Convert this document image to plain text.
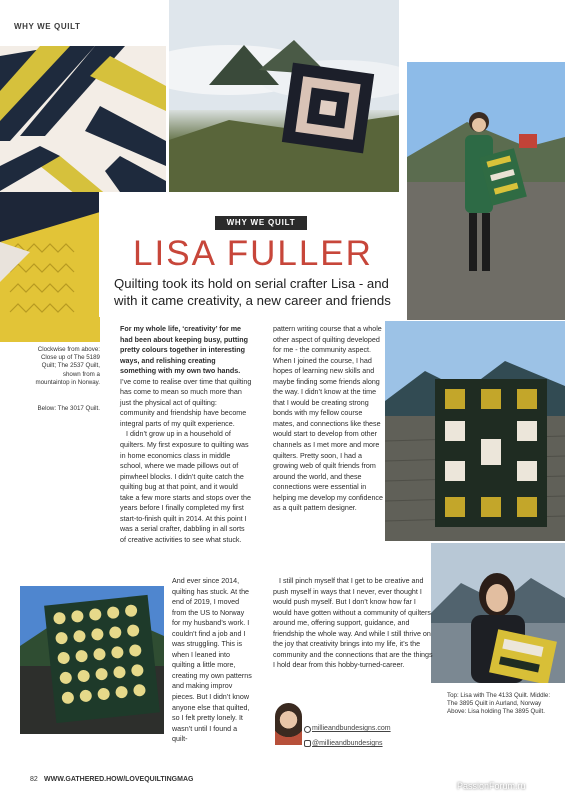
WHY WE QUILT
WHY WE QUILT
LISA FULLER
Quilting took its hold on serial crafter Lisa - and with it came creativity, a new career and friends
Clockwise from above: Close up of The 5189 Quilt; The 2537 Quilt, shown from a mountaintop in Norway.
Below: The 3017 Quilt.
Top: Lisa with The 4133 Quilt. Middle: The 3895 Quilt in Aurland, Norway Above: Lisa holding The 3895 Quilt.

For my whole life, ‘creativity’ for me had been about keeping busy, putting pretty colours together in interesting ways, and relishing creating something with my own two hands. I’ve come to realise over time that quilting has come to mean so much more than just the physical act of quilting: community and friendship have become integral parts of my quilt experience.

I didn’t grow up in a household of quilters. My first exposure to quilting was in home economics class in middle school, where we made pillows out of pinwheel blocks. I didn’t quite catch the quilting bug at that point, and it would take a few more starts and stops over the years before I finally completed my first start-to-finish quilt in 2014. At this point I was a serial crafter, dabbling in all sorts of creative activities to see what stuck.

And ever since 2014, quilting has stuck. At the end of 2019, I moved from the US to Norway for my husband’s work. I couldn’t find a job and I was struggling. This is when I leaned into quilting a little more, creating my own patterns and making improv pieces. But I didn’t know anyone else that quilted, so I felt pretty lonely. It wasn’t until I found a quilt-

pattern writing course that a whole other aspect of quilting developed for me - the community aspect. When I joined the course, I had hopes of learning new skills and maybe finding some friends along the way. I didn’t know at the time that I would be creating strong bonds with my fellow course mates, and connections like these would start to develop from other channels as I met more and more quilters. Pretty soon, I had a growing web of quilt friends from around the world, and these connections were essential in helping me develop my confidence as a quilt pattern designer.

I still pinch myself that I get to be creative and push myself in ways that I never, ever thought I would push myself. But I don’t know how far I would have gotten without a community of quilters around me, offering support, guidance, and friendship the whole way. And while I still thrive on the joy that creativity brings into my life, it’s the community and the connections that are the things I hold dear from this hobby-turned-career.

millieandbundesigns.com
@millieandbundesigns
82 WWW.GATHERED.HOW/LOVEQUILTINGMAG
PassionForum.ru
